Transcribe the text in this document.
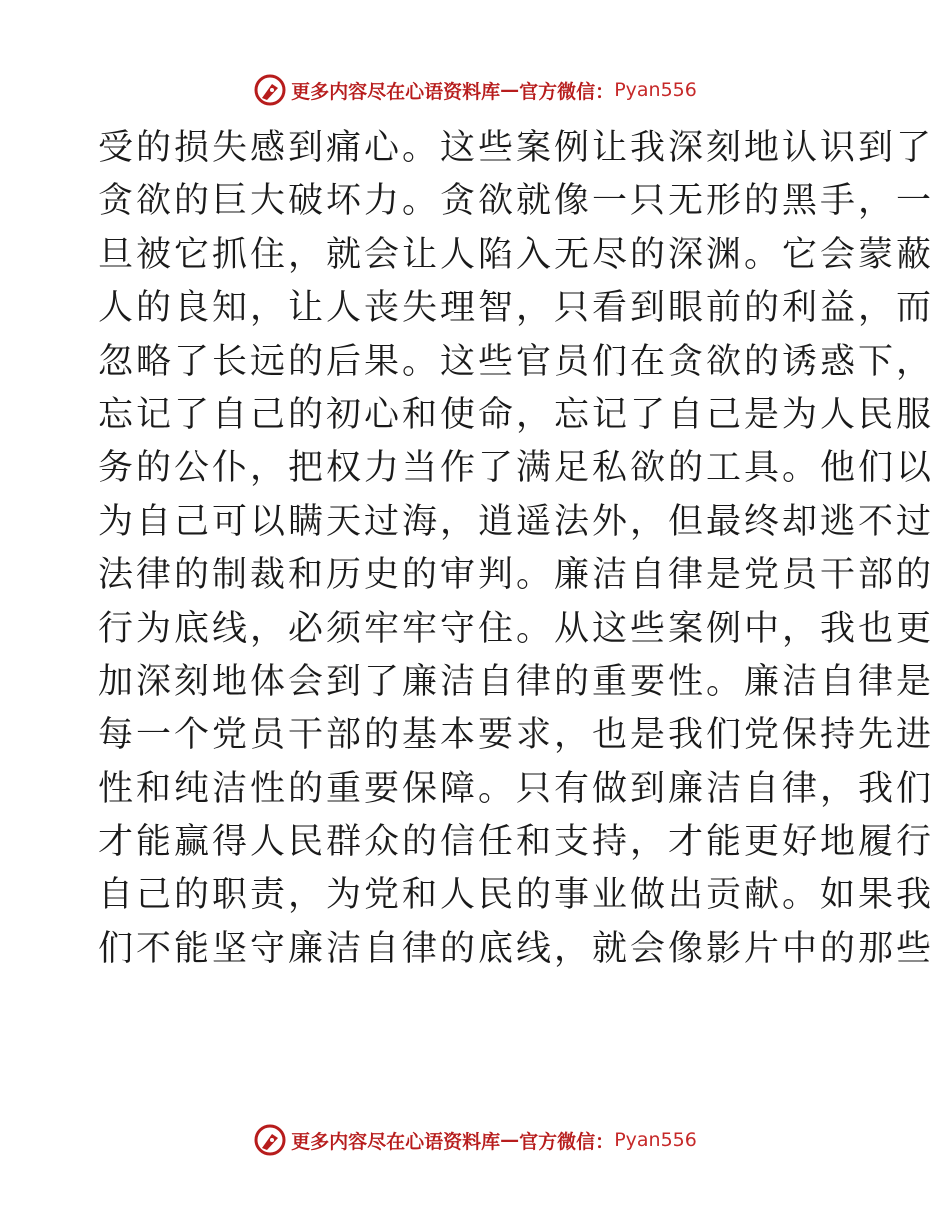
更多内容尽在心语资料库 — 官方微信： Pyan556
受的损失感到痛心。这些案例让我深刻地认识到了
贪欲的巨大破坏力。贪欲就像一只无形的黑手，一
旦被它抓住，就会让人陷入无尽的深渊。它会蒙蔽
人的良知，让人丧失理智，只看到眼前的利益，而
忽略了长远的后果。这些官员们在贪欲的诱惑下，
忘记了自己的初心和使命，忘记了自己是为人民服
务的公仆，把权力当作了满足私欲的工具。他们以
为自己可以瞒天过海，逍遥法外，但最终却逃不过
法律的制裁和历史的审判。廉洁自律是党员干部的
行为底线，必须牢牢守住。从这些案例中，我也更
加深刻地体会到了廉洁自律的重要性。廉洁自律是
每一个党员干部的基本要求，也是我们党保持先进
性和纯洁性的重要保障。只有做到廉洁自律，我们
才能赢得人民群众的信任和支持，才能更好地履行
自己的职责，为党和人民的事业做出贡献。如果我
们不能坚守廉洁自律的底线，就会像影片中的那些
更多内容尽在心语资料库 — 官方微信： Pyan556
